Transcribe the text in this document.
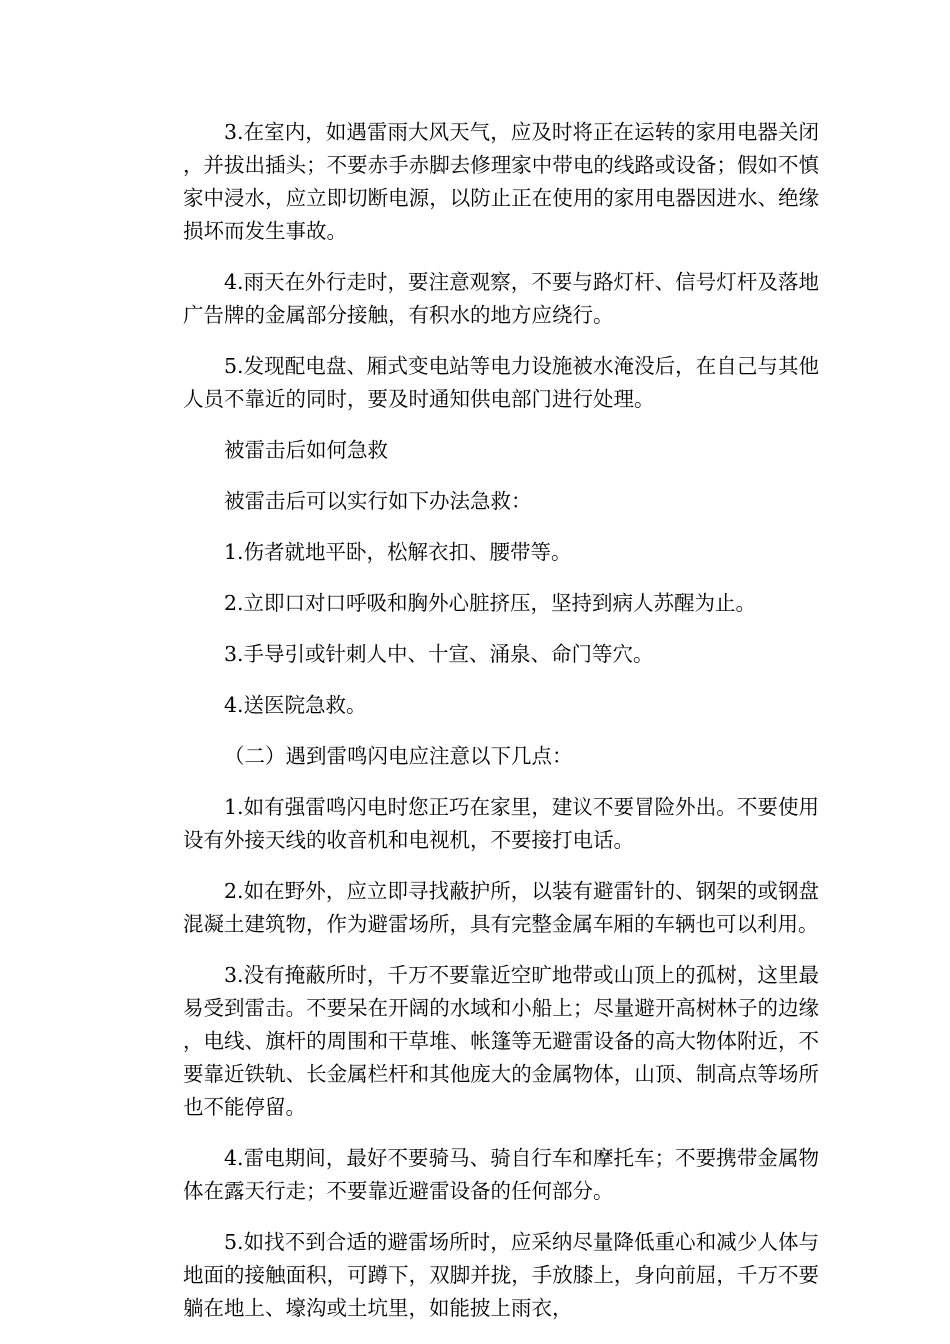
3.在室内，如遇雷雨大风天气，应及时将正在运转的家用电器关闭，并拔出插头；不要赤手赤脚去修理家中带电的线路或设备；假如不慎家中浸水，应立即切断电源，以防止正在使用的家用电器因进水、绝缘损坏而发生事故。

4.雨天在外行走时，要注意观察，不要与路灯杆、信号灯杆及落地广告牌的金属部分接触，有积水的地方应绕行。

5.发现配电盘、厢式变电站等电力设施被水淹没后，在自己与其他人员不靠近的同时，要及时通知供电部门进行处理。

被雷击后如何急救

被雷击后可以实行如下办法急救：

1.伤者就地平卧，松解衣扣、腰带等。

2.立即口对口呼吸和胸外心脏挤压，坚持到病人苏醒为止。

3.手导引或针刺人中、十宣、涌泉、命门等穴。

4.送医院急救。

（二）遇到雷鸣闪电应注意以下几点：

1.如有强雷鸣闪电时您正巧在家里，建议不要冒险外出。不要使用设有外接天线的收音机和电视机，不要接打电话。

2.如在野外，应立即寻找蔽护所，以装有避雷针的、钢架的或钢盘混凝土建筑物，作为避雷场所，具有完整金属车厢的车辆也可以利用。

3.没有掩蔽所时，千万不要靠近空旷地带或山顶上的孤树，这里最易受到雷击。不要呆在开阔的水域和小船上；尽量避开高树林子的边缘，电线、旗杆的周围和干草堆、帐篷等无避雷设备的高大物体附近，不要靠近铁轨、长金属栏杆和其他庞大的金属物体，山顶、制高点等场所也不能停留。

4.雷电期间，最好不要骑马、骑自行车和摩托车；不要携带金属物体在露天行走；不要靠近避雷设备的任何部分。

5.如找不到合适的避雷场所时，应采纳尽量降低重心和减少人体与地面的接触面积，可蹲下，双脚并拢，手放膝上，身向前屈，千万不要躺在地上、壕沟或土坑里，如能披上雨衣，
